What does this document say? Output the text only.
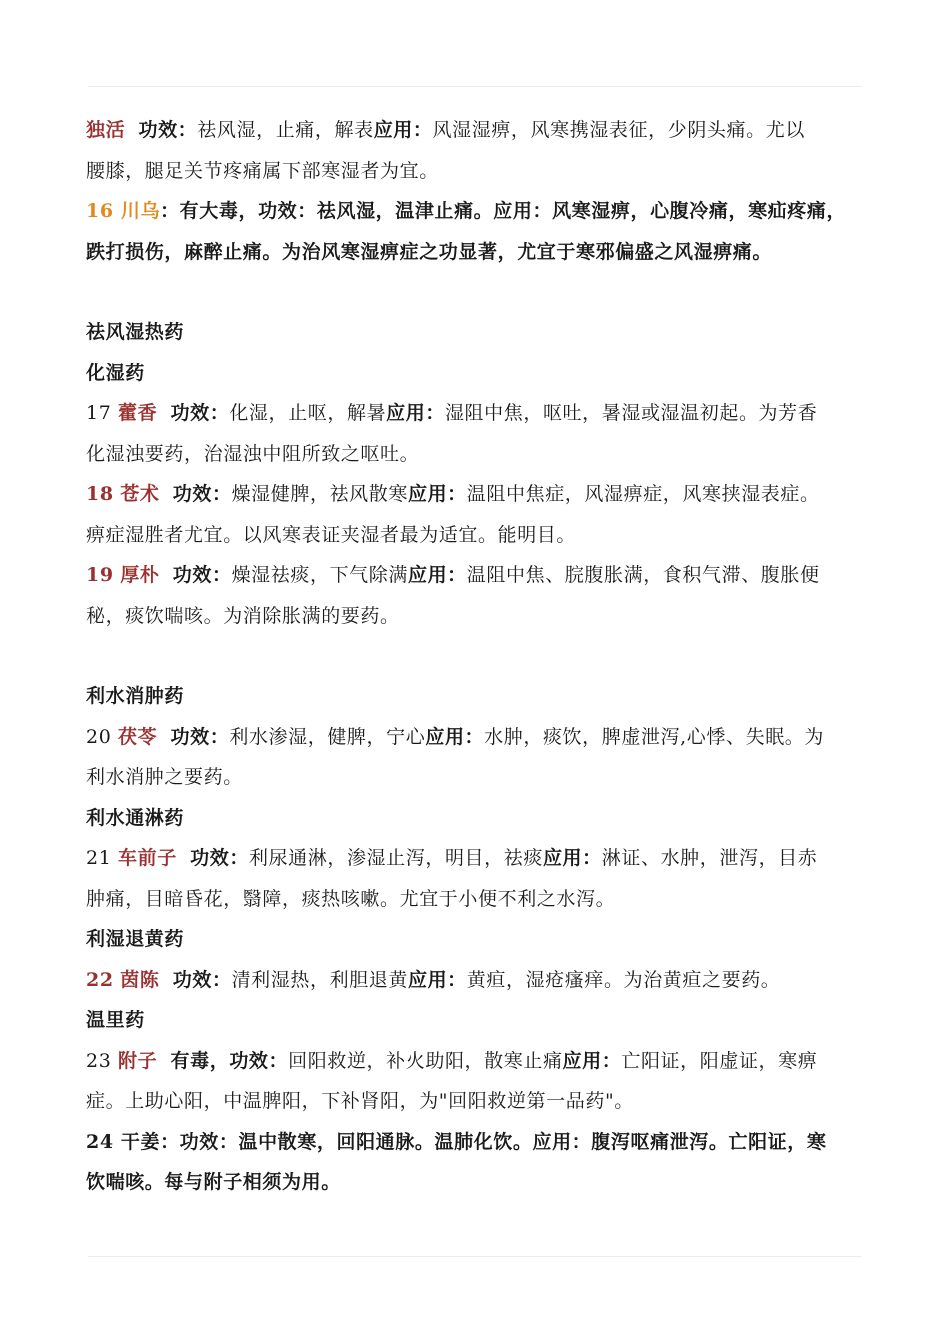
独活 功效：祛风湿，止痛，解表应用：风湿湿痹，风寒携湿表征，少阴头痛。尤以
腰膝，腿足关节疼痛属下部寒湿者为宜。

16 川乌：有大毒，功效：祛风湿，温津止痛。应用：风寒湿痹，心腹冷痛，寒疝疼痛，
跌打损伤，麻醉止痛。为治风寒湿痹症之功显著，尤宜于寒邪偏盛之风湿痹痛。

祛风湿热药

化湿药

17 藿香 功效：化湿，止呕，解暑应用：湿阻中焦，呕吐，暑湿或湿温初起。为芳香
化湿浊要药，治湿浊中阻所致之呕吐。

18 苍术 功效：燥湿健脾，祛风散寒应用：温阻中焦症，风湿痹症，风寒挟湿表症。
痹症湿胜者尤宜。以风寒表证夹湿者最为适宜。能明目。

19 厚朴 功效：燥湿祛痰，下气除满应用：温阻中焦、脘腹胀满，食积气滞、腹胀便
秘，痰饮喘咳。为消除胀满的要药。

利水消肿药

20 茯苓 功效：利水渗湿，健脾，宁心应用：水肿，痰饮，脾虚泄泻,心悸、失眠。为
利水消肿之要药。

利水通淋药

21 车前子 功效：利尿通淋，渗湿止泻，明目，祛痰应用：淋证、水肿，泄泻，目赤
肿痛，目暗昏花，翳障，痰热咳嗽。尤宜于小便不利之水泻。

利湿退黄药

22 茵陈 功效：清利湿热，利胆退黄应用：黄疸，湿疮瘙痒。为治黄疸之要药。

温里药

23 附子 有毒，功效：回阳救逆，补火助阳，散寒止痛应用：亡阳证，阳虚证，寒痹
症。上助心阳，中温脾阳，下补肾阳，为"回阳救逆第一品药"。

24 干姜：功效：温中散寒，回阳通脉。温肺化饮。应用：腹泻呕痛泄泻。亡阳证，寒
饮喘咳。每与附子相须为用。
